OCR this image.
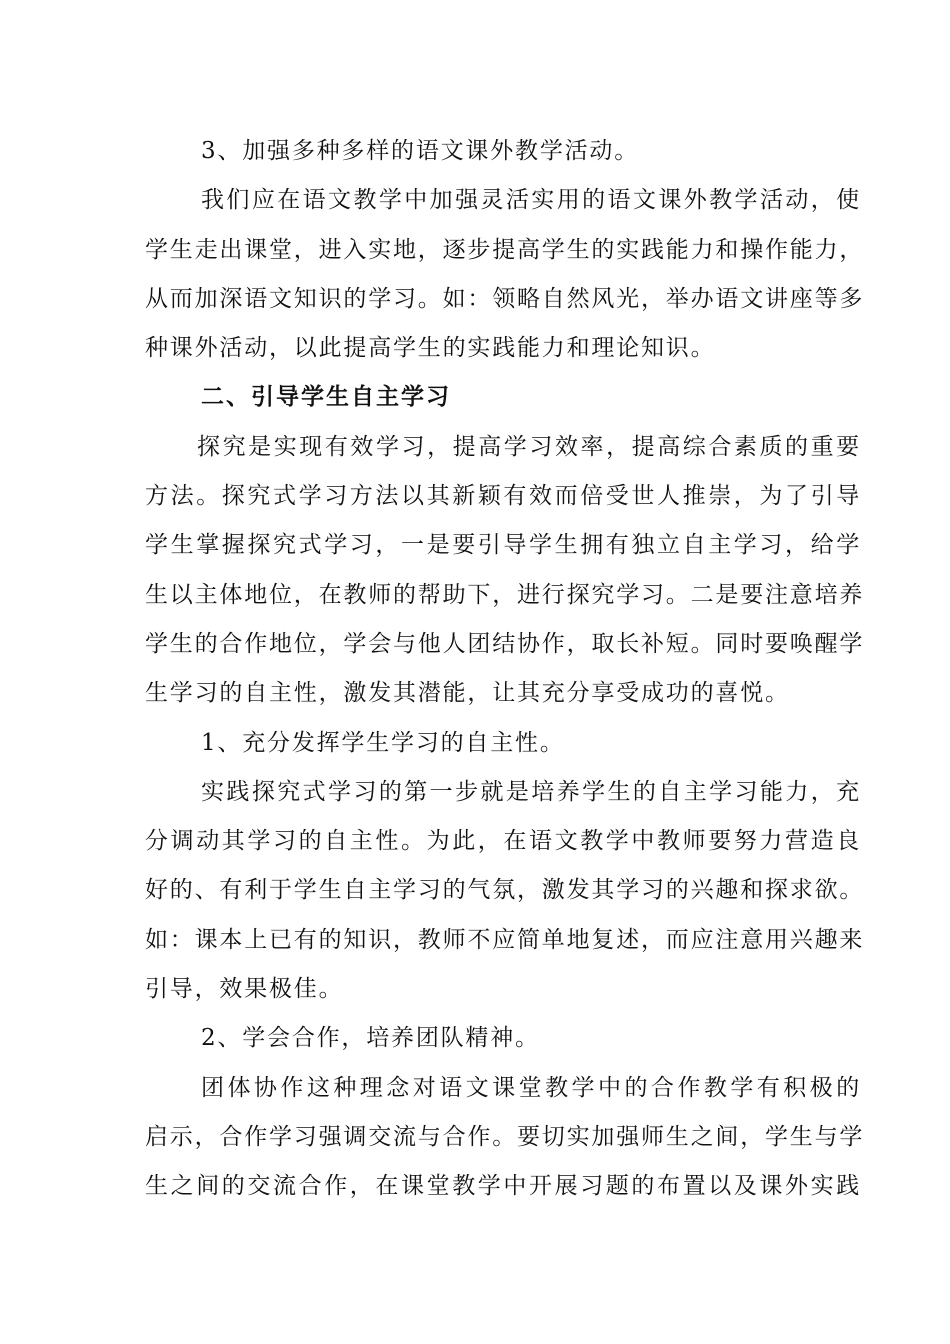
3、加强多种多样的语文课外教学活动。
我们应在语文教学中加强灵活实用的语文课外教学活动，使
学生走出课堂，进入实地，逐步提高学生的实践能力和操作能力，
从而加深语文知识的学习。如：领略自然风光，举办语文讲座等多
种课外活动，以此提高学生的实践能力和理论知识。
二、引导学生自主学习
探究是实现有效学习，提高学习效率，提高综合素质的重要
方法。探究式学习方法以其新颖有效而倍受世人推崇，为了引导
学生掌握探究式学习，一是要引导学生拥有独立自主学习，给学
生以主体地位，在教师的帮助下，进行探究学习。二是要注意培养
学生的合作地位，学会与他人团结协作，取长补短。同时要唤醒学
生学习的自主性，激发其潜能，让其充分享受成功的喜悦。
1、充分发挥学生学习的自主性。
实践探究式学习的第一步就是培养学生的自主学习能力，充
分调动其学习的自主性。为此，在语文教学中教师要努力营造良
好的、有利于学生自主学习的气氛，激发其学习的兴趣和探求欲。
如：课本上已有的知识，教师不应简单地复述，而应注意用兴趣来
引导，效果极佳。
2、学会合作，培养团队精神。
团体协作这种理念对语文课堂教学中的合作教学有积极的
启示，合作学习强调交流与合作。要切实加强师生之间，学生与学
生之间的交流合作，在课堂教学中开展习题的布置以及课外实践
